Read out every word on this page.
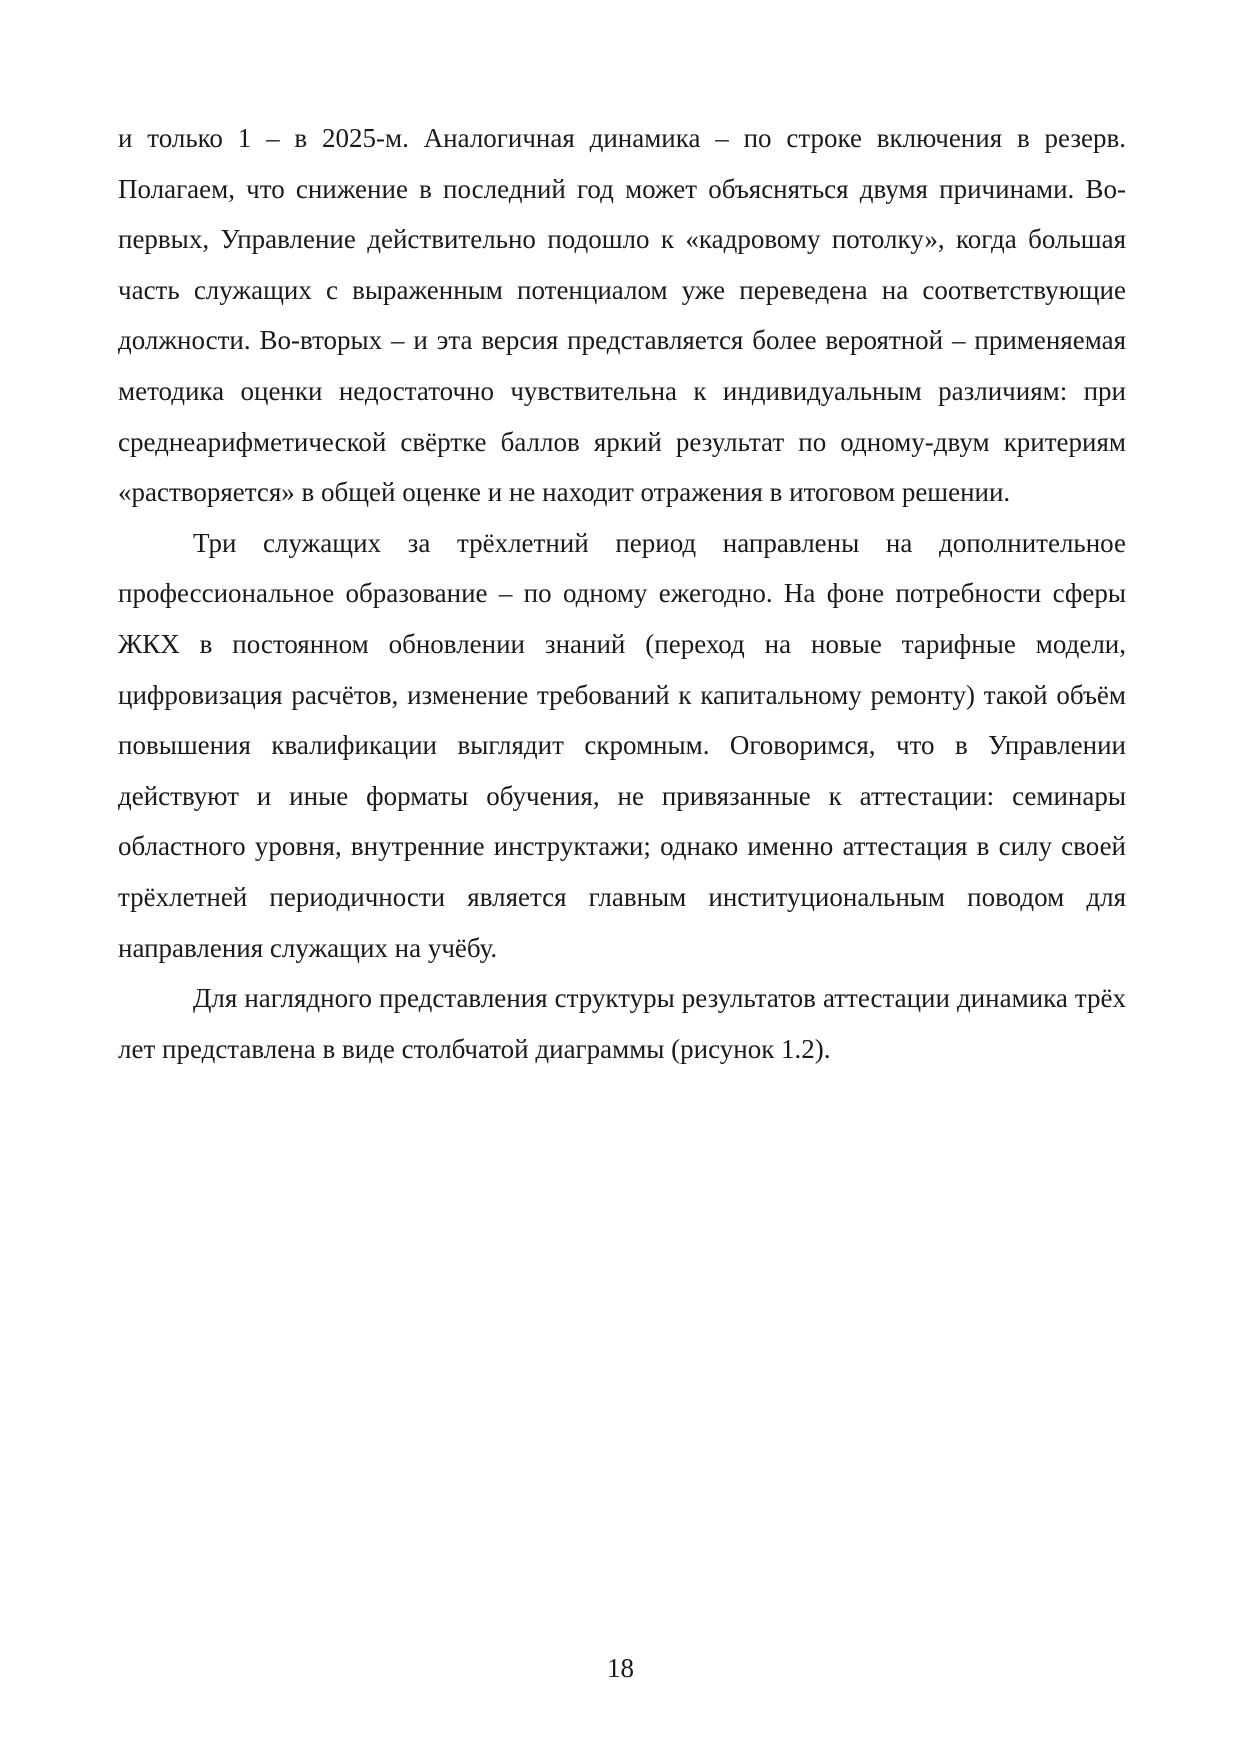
и только 1 – в 2025-м. Аналогичная динамика – по строке включения в резерв. Полагаем, что снижение в последний год может объясняться двумя причинами. Во-первых, Управление действительно подошло к «кадровому потолку», когда большая часть служащих с выраженным потенциалом уже переведена на соответствующие должности. Во-вторых – и эта версия представляется более вероятной – применяемая методика оценки недостаточно чувствительна к индивидуальным различиям: при среднеарифметической свёртке баллов яркий результат по одному-двум критериям «растворяется» в общей оценке и не находит отражения в итоговом решении.

Три служащих за трёхлетний период направлены на дополнительное профессиональное образование – по одному ежегодно. На фоне потребности сферы ЖКХ в постоянном обновлении знаний (переход на новые тарифные модели, цифровизация расчётов, изменение требований к капитальному ремонту) такой объём повышения квалификации выглядит скромным. Оговоримся, что в Управлении действуют и иные форматы обучения, не привязанные к аттестации: семинары областного уровня, внутренние инструктажи; однако именно аттестация в силу своей трёхлетней периодичности является главным институциональным поводом для направления служащих на учёбу.

Для наглядного представления структуры результатов аттестации динамика трёх лет представлена в виде столбчатой диаграммы (рисунок 1.2).

18
